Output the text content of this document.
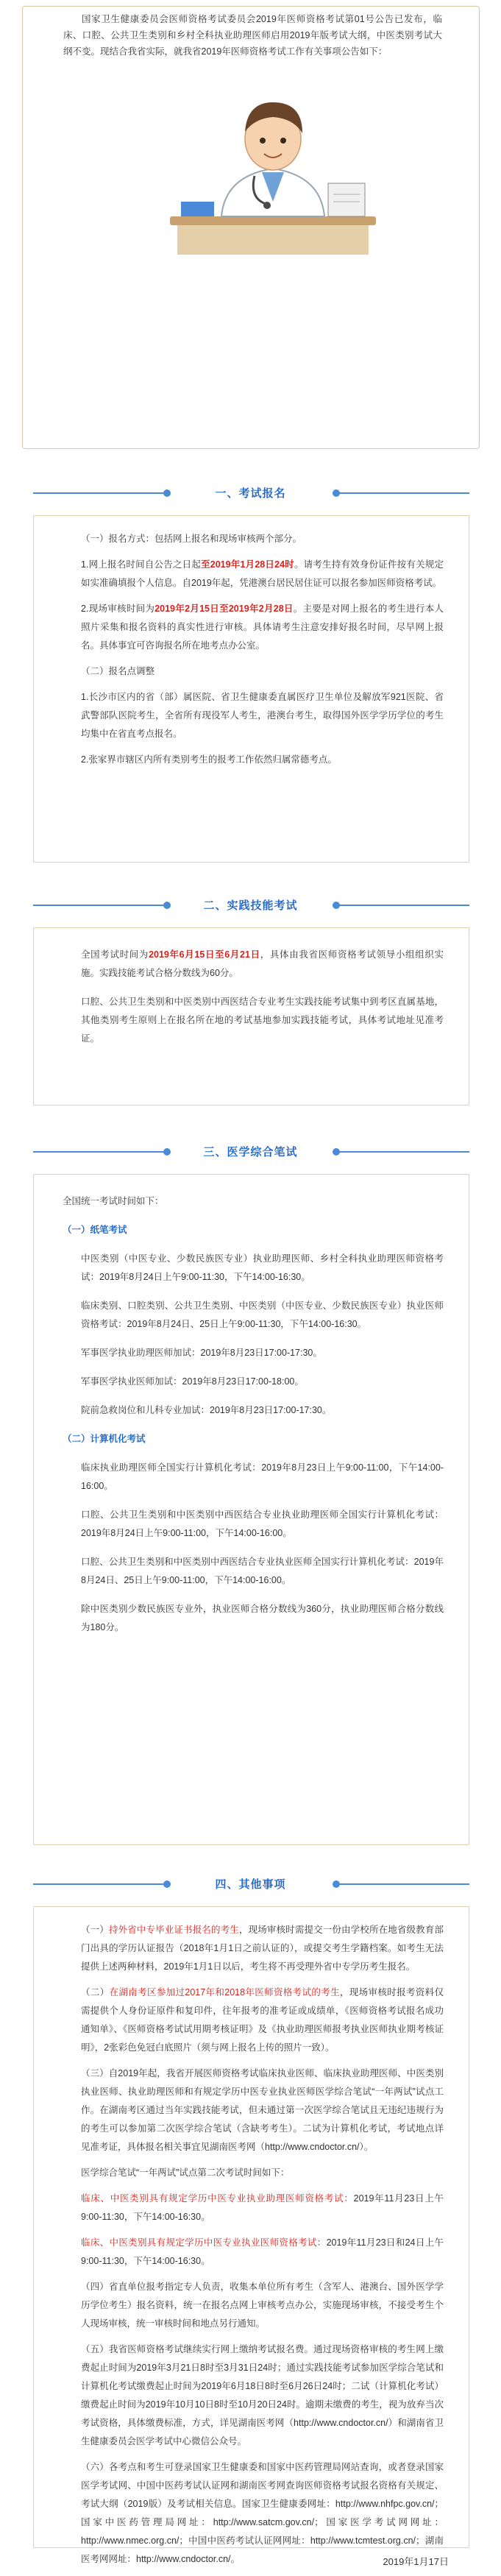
国家卫生健康委员会医师资格考试委员会2019年医师资格考试第01号公告已发布，临床、口腔、公共卫生类别和乡村全科执业助理医师启用2019年版考试大纲，中医类别考试大纲不变。现结合我省实际，就我省2019年医师资格考试工作有关事项公告如下：
一、考试报名
（一）报名方式：包括网上报名和现场审核两个部分。
1.网上报名时间自公告之日起至2019年1月28日24时。请考生持有效身份证件按有关规定如实准确填报个人信息。自2019年起，凭港澳台居民居住证可以报名参加医师资格考试。
2.现场审核时间为2019年2月15日至2019年2月28日。主要是对网上报名的考生进行本人照片采集和报名资料的真实性进行审核。具体请考生注意安排好报名时间，尽早网上报名。具体事宜可咨询报名所在地考点办公室。
（二）报名点调整
1.长沙市区内的省（部）属医院、省卫生健康委直属医疗卫生单位及解放军921医院、省武警部队医院考生，全省所有现役军人考生，港澳台考生，取得国外医学学历学位的考生均集中在省直考点报名。
2.张家界市辖区内所有类别考生的报考工作依然归属常德考点。
二、实践技能考试
全国考试时间为2019年6月15日至6月21日，具体由我省医师资格考试领导小组组织实施。实践技能考试合格分数线为60分。
口腔、公共卫生类别和中医类别中西医结合专业考生实践技能考试集中到考区直属基地，其他类别考生原则上在报名所在地的考试基地参加实践技能考试，具体考试地址见准考证。
三、医学综合笔试
全国统一考试时间如下：
（一）纸笔考试
中医类别（中医专业、少数民族医专业）执业助理医师、乡村全科执业助理医师资格考试：2019年8月24日上午9:00-11:30，下午14:00-16:30。
临床类别、口腔类别、公共卫生类别、中医类别（中医专业、少数民族医专业）执业医师资格考试：2019年8月24日、25日上午9:00-11:30，下午14:00-16:30。
军事医学执业助理医师加试：2019年8月23日17:00-17:30。
军事医学执业医师加试：2019年8月23日17:00-18:00。
院前急救岗位和儿科专业加试：2019年8月23日17:00-17:30。
（二）计算机化考试
临床执业助理医师全国实行计算机化考试：2019年8月23日上午9:00-11:00，下午14:00-16:00。
口腔、公共卫生类别和中医类别中西医结合专业执业助理医师全国实行计算机化考试：2019年8月24日上午9:00-11:00，下午14:00-16:00。
口腔、公共卫生类别和中医类别中西医结合专业执业医师全国实行计算机化考试：2019年8月24日、25日上午9:00-11:00，下午14:00-16:00。
除中医类别少数民族医专业外，执业医师合格分数线为360分，执业助理医师合格分数线为180分。
四、其他事项
（一）持外省中专毕业证书报名的考生，现场审核时需提交一份由学校所在地省级教育部门出具的学历认证报告（2018年1月1日之前认证的），或提交考生学籍档案。如考生无法提供上述两种材料，2019年1月1日以后，考生将不再受理外省中专学历考生报名。
（二）在湖南考区参加过2017年和2018年医师资格考试的考生，现场审核时报考资料仅需提供个人身份证原件和复印件，往年报考的准考证或成绩单，《医师资格考试报名成功通知单》、《医师资格考试试用期考核证明》及《执业助理医师报考执业医师执业期考核证明》，2张彩色免冠白底照片（须与网上报名上传的照片一致）。
（三）自2019年起，我省开展医师资格考试临床执业医师、临床执业助理医师、中医类别执业医师、执业助理医师和有规定学历中医专业执业医师医学综合笔试“一年两试”试点工作。在湖南考区通过当年实践技能考试，但未通过第一次医学综合笔试且无违纪违规行为的考生可以参加第二次医学综合笔试（含缺考考生）。二试为计算机化考试，考试地点详见准考证，具体报名相关事宜见湖南医考网（http://www.cndoctor.cn/）。
医学综合笔试“一年两试”试点第二次考试时间如下：
临床、中医类别具有规定学历中医专业执业助理医师资格考试：2019年11月23日上午9:00-11:30，下午14:00-16:30。
临床、中医类别具有规定学历中医专业执业医师资格考试：2019年11月23日和24日上午9:00-11:30，下午14:00-16:30。
（四）省直单位报考指定专人负责，收集本单位所有考生（含军人、港澳台、国外医学学历学位考生）报名资料，统一在报名点网上审核考点办公，实施现场审核，不接受考生个人现场审核，统一审核时间和地点另行通知。
（五）我省医师资格考试继续实行网上缴纳考试报名费。通过现场资格审核的考生网上缴费起止时间为2019年3月21日8时至3月31日24时；通过实践技能考试参加医学综合笔试和计算机化考试缴费起止时间为2019年6月18日8时至6月26日24时；二试（计算机化考试）缴费起止时间为2019年10月10日8时至10月20日24时。逾期未缴费的考生，视为放弃当次考试资格，具体缴费标准，方式，详见湖南医考网（http://www.cndoctor.cn/）和湖南省卫生健康委员会医学考试中心微信公众号。
（六）各考点和考生可登录国家卫生健康委和国家中医药管理局网站查询，或者登录国家医学考试网、中国中医药考试认证网和湖南医考网查询医师资格考试报名资格有关规定、考试大纲（2019版）及考试相关信息。国家卫生健康委网址：http://www.nhfpc.gov.cn/；国家中医药管理局网址：http://www.satcm.gov.cn/；国家医学考试网网址：http://www.nmec.org.cn/；中国中医药考试认证网网址：http://www.tcmtest.org.cn/；湖南医考网网址：http://www.cndoctor.cn/。	2019年1月17日
